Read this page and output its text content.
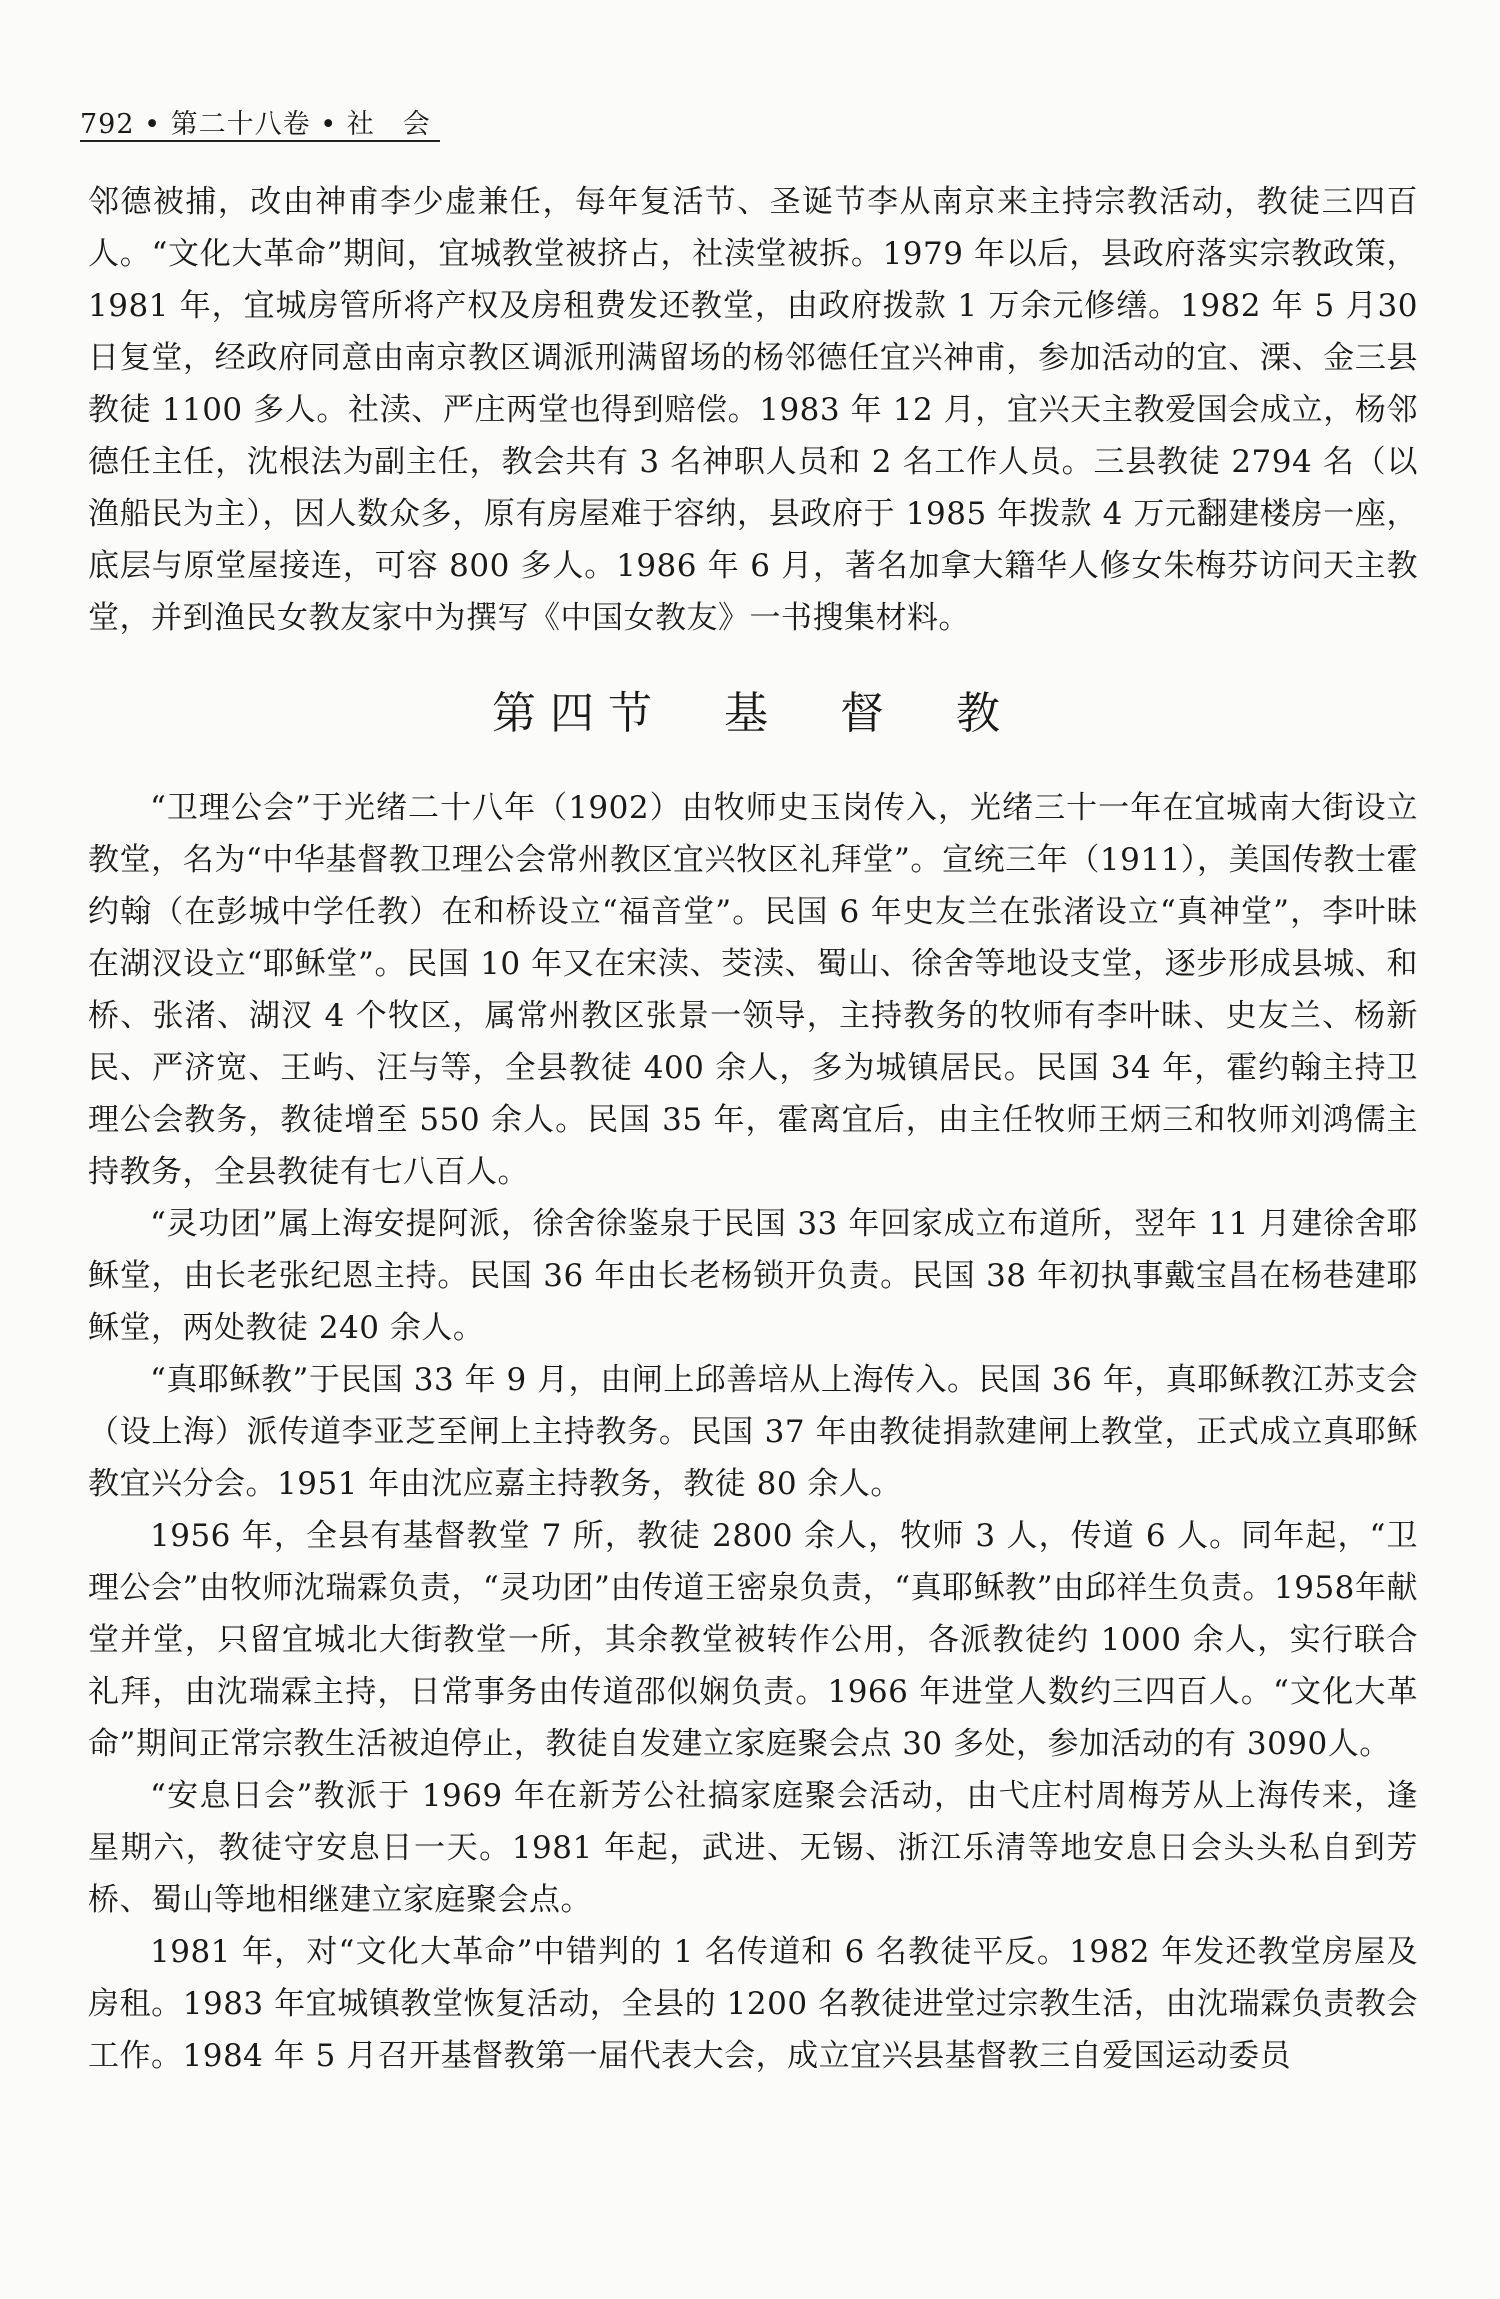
792 • 第二十八卷 • 社　会

邻德被捕，改由神甫李少虚兼任，每年复活节、圣诞节李从南京来主持宗教活动，教徒三四百人。“文化大革命”期间，宜城教堂被挤占，社渎堂被拆。1979 年以后，县政府落实宗教政策，1981 年，宜城房管所将产权及房租费发还教堂，由政府拨款 1 万余元修缮。1982 年 5 月30 日复堂，经政府同意由南京教区调派刑满留场的杨邻德任宜兴神甫，参加活动的宜、溧、金三县教徒 1100 多人。社渎、严庄两堂也得到赔偿。1983 年 12 月，宜兴天主教爱国会成立，杨邻德任主任，沈根法为副主任，教会共有 3 名神职人员和 2 名工作人员。三县教徒 2794 名（以渔船民为主），因人数众多，原有房屋难于容纳，县政府于 1985 年拨款 4 万元翻建楼房一座，底层与原堂屋接连，可容 800 多人。1986 年 6 月，著名加拿大籍华人修女朱梅芬访问天主教堂，并到渔民女教友家中为撰写《中国女教友》一书搜集材料。

第四节　基　督　教

“卫理公会”于光绪二十八年（1902）由牧师史玉岗传入，光绪三十一年在宜城南大街设立教堂，名为“中华基督教卫理公会常州教区宜兴牧区礼拜堂”。宣统三年（1911），美国传教士霍约翰（在彭城中学任教）在和桥设立“福音堂”。民国 6 年史友兰在张渚设立“真神堂”，李叶昧在湖汊设立“耶稣堂”。民国 10 年又在宋渎、茭渎、蜀山、徐舍等地设支堂，逐步形成县城、和桥、张渚、湖汊 4 个牧区，属常州教区张景一领导，主持教务的牧师有李叶昧、史友兰、杨新民、严济宽、王屿、汪与等，全县教徒 400 余人，多为城镇居民。民国 34 年，霍约翰主持卫理公会教务，教徒增至 550 余人。民国 35 年，霍离宜后，由主任牧师王炳三和牧师刘鸿儒主持教务，全县教徒有七八百人。

“灵功团”属上海安提阿派，徐舍徐鉴泉于民国 33 年回家成立布道所，翌年 11 月建徐舍耶稣堂，由长老张纪恩主持。民国 36 年由长老杨锁开负责。民国 38 年初执事戴宝昌在杨巷建耶稣堂，两处教徒 240 余人。

“真耶稣教”于民国 33 年 9 月，由闸上邱善培从上海传入。民国 36 年，真耶稣教江苏支会（设上海）派传道李亚芝至闸上主持教务。民国 37 年由教徒捐款建闸上教堂，正式成立真耶稣教宜兴分会。1951 年由沈应嘉主持教务，教徒 80 余人。

1956 年，全县有基督教堂 7 所，教徒 2800 余人，牧师 3 人，传道 6 人。同年起，“卫理公会”由牧师沈瑞霖负责，“灵功团”由传道王密泉负责，“真耶稣教”由邱祥生负责。1958年献堂并堂，只留宜城北大街教堂一所，其余教堂被转作公用，各派教徒约 1000 余人，实行联合礼拜，由沈瑞霖主持，日常事务由传道邵似娴负责。1966 年进堂人数约三四百人。“文化大革命”期间正常宗教生活被迫停止，教徒自发建立家庭聚会点 30 多处，参加活动的有 3090人。

“安息日会”教派于 1969 年在新芳公社搞家庭聚会活动，由弋庄村周梅芳从上海传来，逢星期六，教徒守安息日一天。1981 年起，武进、无锡、浙江乐清等地安息日会头头私自到芳桥、蜀山等地相继建立家庭聚会点。

1981 年，对“文化大革命”中错判的 1 名传道和 6 名教徒平反。1982 年发还教堂房屋及房租。1983 年宜城镇教堂恢复活动，全县的 1200 名教徒进堂过宗教生活，由沈瑞霖负责教会工作。1984 年 5 月召开基督教第一届代表大会，成立宜兴县基督教三自爱国运动委员
